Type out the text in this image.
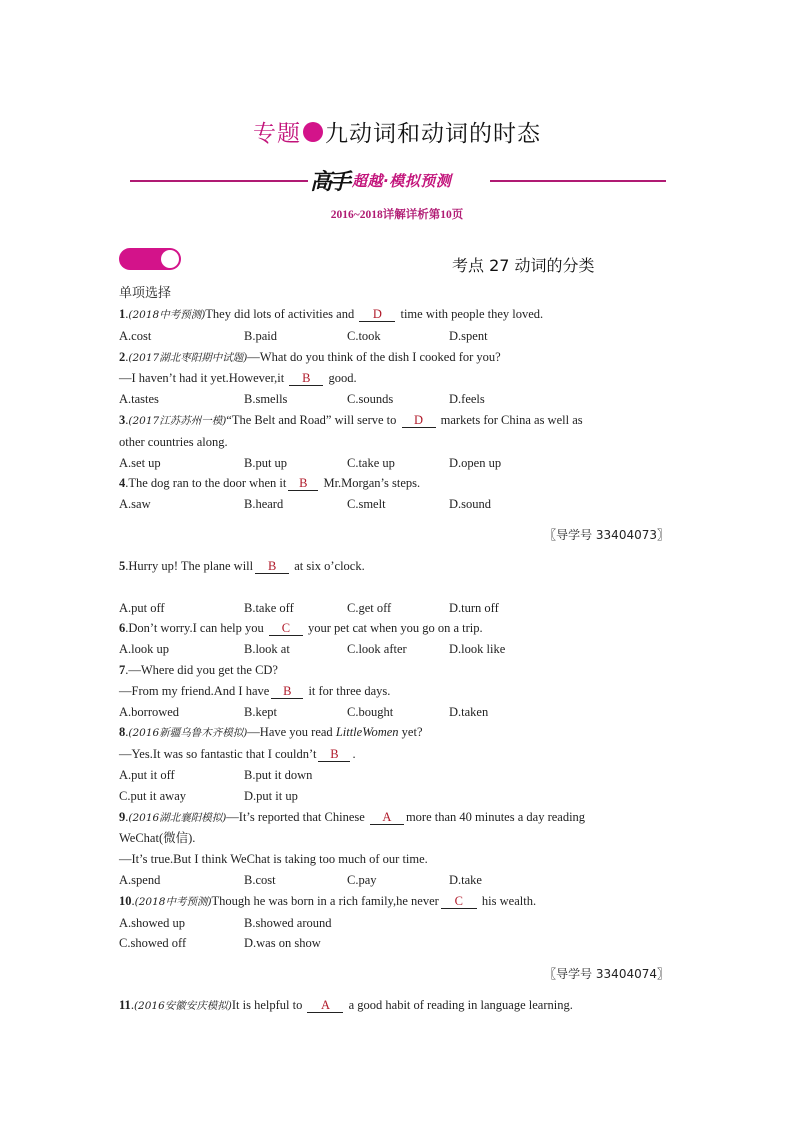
专题 九动词和动词的时态
高手 超越·模拟预测
2016~2018详解详析第10页
考点 27 动词的分类
单项选择
1.(2018中考预测)They did lots of activities and D time with people they loved.
A.cost	B.paid	C.took	D.spent
2.(2017湖北枣阳期中试题)—What do you think of the dish I cooked for you?
—I haven’t had it yet.However,it B good.
A.tastes	B.smells	C.sounds	D.feels
3.(2017江苏苏州一模)“The Belt and Road” will serve to D markets for China as well as
other countries along.
A.set up	B.put up	C.take up	D.open up
4.The dog ran to the door when it B Mr.Morgan’s steps.
A.saw	B.heard	C.smelt	D.sound
〖导学号 33404073〗
5.Hurry up! The plane will B at six o’clock.
A.put off	B.take off	C.get off	D.turn off
6.Don’t worry.I can help you C your pet cat when you go on a trip.
A.look up	B.look at	C.look after	D.look like
7.—Where did you get the CD?
—From my friend.And I have B it for three days.
A.borrowed	B.kept	C.bought	D.taken
8.(2016新疆乌鲁木齐模拟)—Have you read LittleWomen yet?
—Yes.It was so fantastic that I couldn’t B .
A.put it off	B.put it down
C.put it away	D.put it up
9.(2016湖北襄阳模拟)—It’s reported that Chinese A more than 40 minutes a day reading
WeChat(微信).
—It’s true.But I think WeChat is taking too much of our time.
A.spend	B.cost	C.pay	D.take
10.(2018中考预测)Though he was born in a rich family,he never C his wealth.
A.showed up	B.showed around
C.showed off	D.was on show
〖导学号 33404074〗
11.(2016安徽安庆模拟)It is helpful to A a good habit of reading in language learning.
